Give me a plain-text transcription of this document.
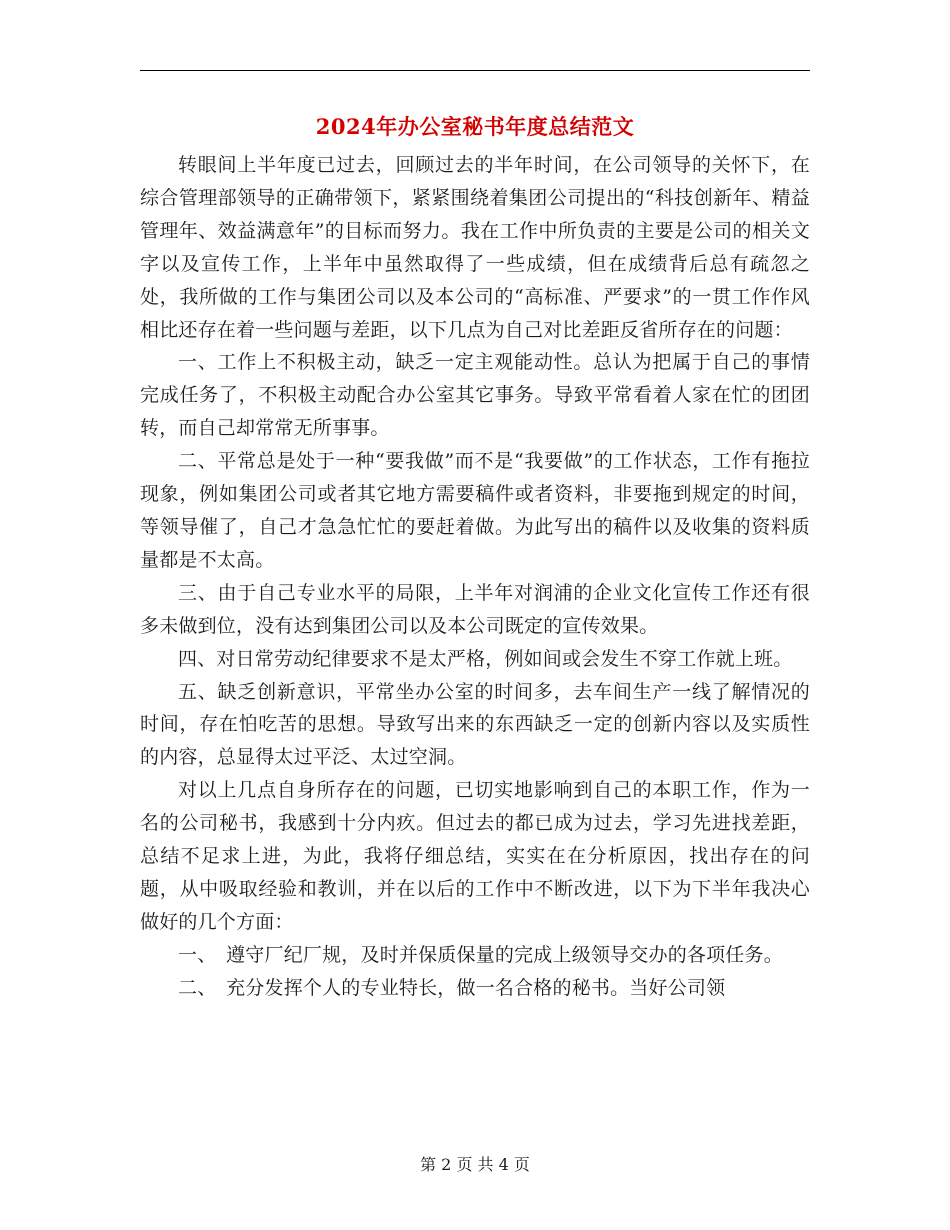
2024年办公室秘书年度总结范文

转眼间上半年度已过去，回顾过去的半年时间，在公司领导的关怀下，在综合管理部领导的正确带领下，紧紧围绕着集团公司提出的“科技创新年、精益管理年、效益满意年”的目标而努力。我在工作中所负责的主要是公司的相关文字以及宣传工作，上半年中虽然取得了一些成绩，但在成绩背后总有疏忽之处，我所做的工作与集团公司以及本公司的“高标准、严要求”的一贯工作作风相比还存在着一些问题与差距，以下几点为自己对比差距反省所存在的问题：

一、工作上不积极主动，缺乏一定主观能动性。总认为把属于自己的事情完成任务了，不积极主动配合办公室其它事务。导致平常看着人家在忙的团团转，而自己却常常无所事事。

二、平常总是处于一种“要我做”而不是“我要做”的工作状态，工作有拖拉现象，例如集团公司或者其它地方需要稿件或者资料，非要拖到规定的时间，等领导催了，自己才急急忙忙的要赶着做。为此写出的稿件以及收集的资料质量都是不太高。

三、由于自己专业水平的局限，上半年对润浦的企业文化宣传工作还有很多未做到位，没有达到集团公司以及本公司既定的宣传效果。

四、对日常劳动纪律要求不是太严格，例如间或会发生不穿工作就上班。

五、缺乏创新意识，平常坐办公室的时间多，去车间生产一线了解情况的时间，存在怕吃苦的思想。导致写出来的东西缺乏一定的创新内容以及实质性的内容，总显得太过平泛、太过空洞。

对以上几点自身所存在的问题，已切实地影响到自己的本职工作，作为一名的公司秘书，我感到十分内疚。但过去的都已成为过去，学习先进找差距，总结不足求上进，为此，我将仔细总结，实实在在分析原因，找出存在的问题，从中吸取经验和教训，并在以后的工作中不断改进，以下为下半年我决心做好的几个方面：

一、　遵守厂纪厂规，及时并保质保量的完成上级领导交办的各项任务。

二、　充分发挥个人的专业特长，做一名合格的秘书。当好公司领

第 2 页 共 4 页
